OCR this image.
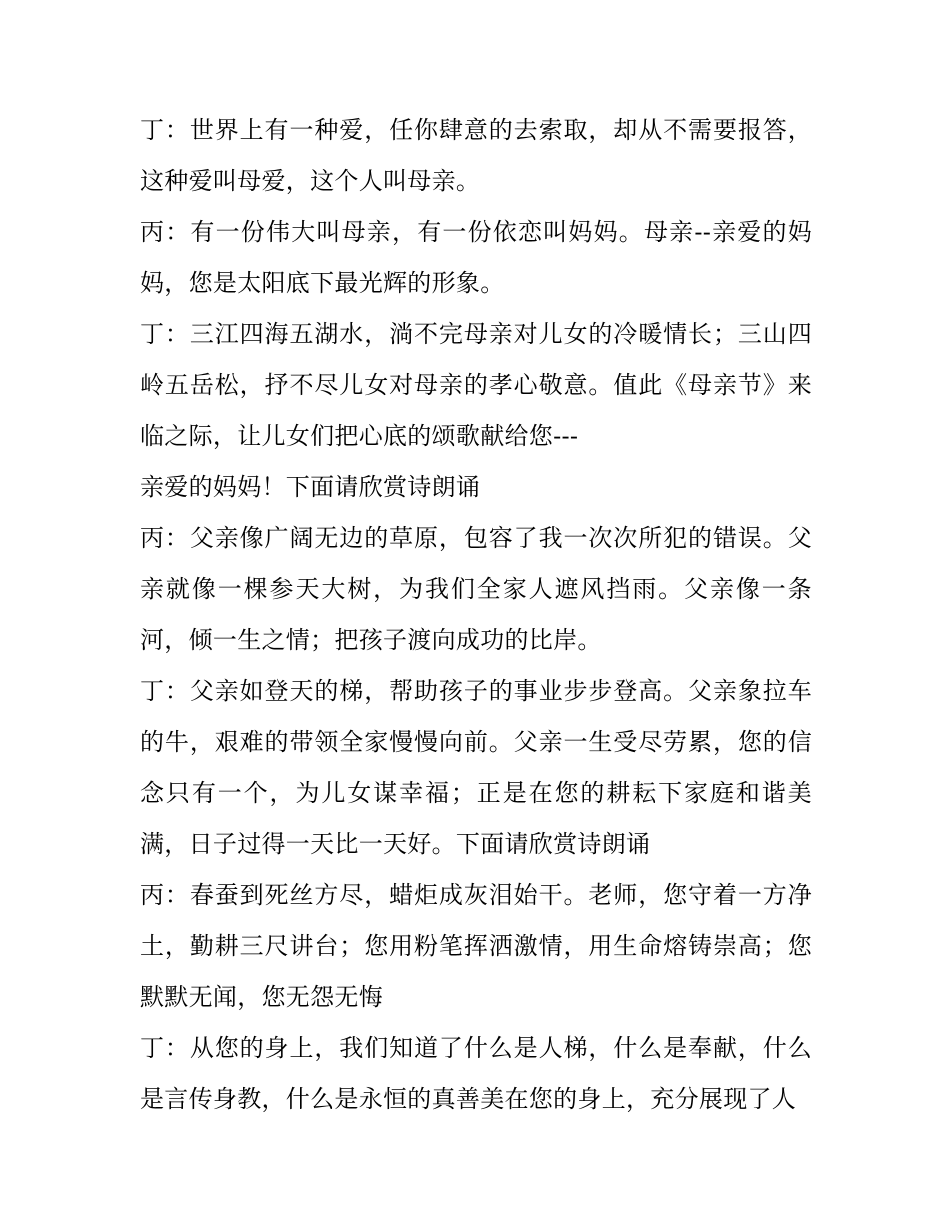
丁：世界上有一种爱，任你肆意的去索取，却从不需要报答，这种爱叫母爱，这个人叫母亲。

丙：有一份伟大叫母亲，有一份依恋叫妈妈。母亲--亲爱的妈妈，您是太阳底下最光辉的形象。

丁：三江四海五湖水，淌不完母亲对儿女的冷暖情长；三山四岭五岳松，抒不尽儿女对母亲的孝心敬意。值此《母亲节》来临之际，让儿女们把心底的颂歌献给您---

亲爱的妈妈！下面请欣赏诗朗诵

丙：父亲像广阔无边的草原，包容了我一次次所犯的错误。父亲就像一棵参天大树，为我们全家人遮风挡雨。父亲像一条河，倾一生之情；把孩子渡向成功的比岸。

丁：父亲如登天的梯，帮助孩子的事业步步登高。父亲象拉车的牛，艰难的带领全家慢慢向前。父亲一生受尽劳累，您的信念只有一个，为儿女谋幸福；正是在您的耕耘下家庭和谐美满，日子过得一天比一天好。下面请欣赏诗朗诵

丙：春蚕到死丝方尽，蜡炬成灰泪始干。老师，您守着一方净土，勤耕三尺讲台；您用粉笔挥洒激情，用生命熔铸崇高；您默默无闻，您无怨无悔

丁：从您的身上，我们知道了什么是人梯，什么是奉献，什么是言传身教，什么是永恒的真善美在您的身上，充分展现了人
